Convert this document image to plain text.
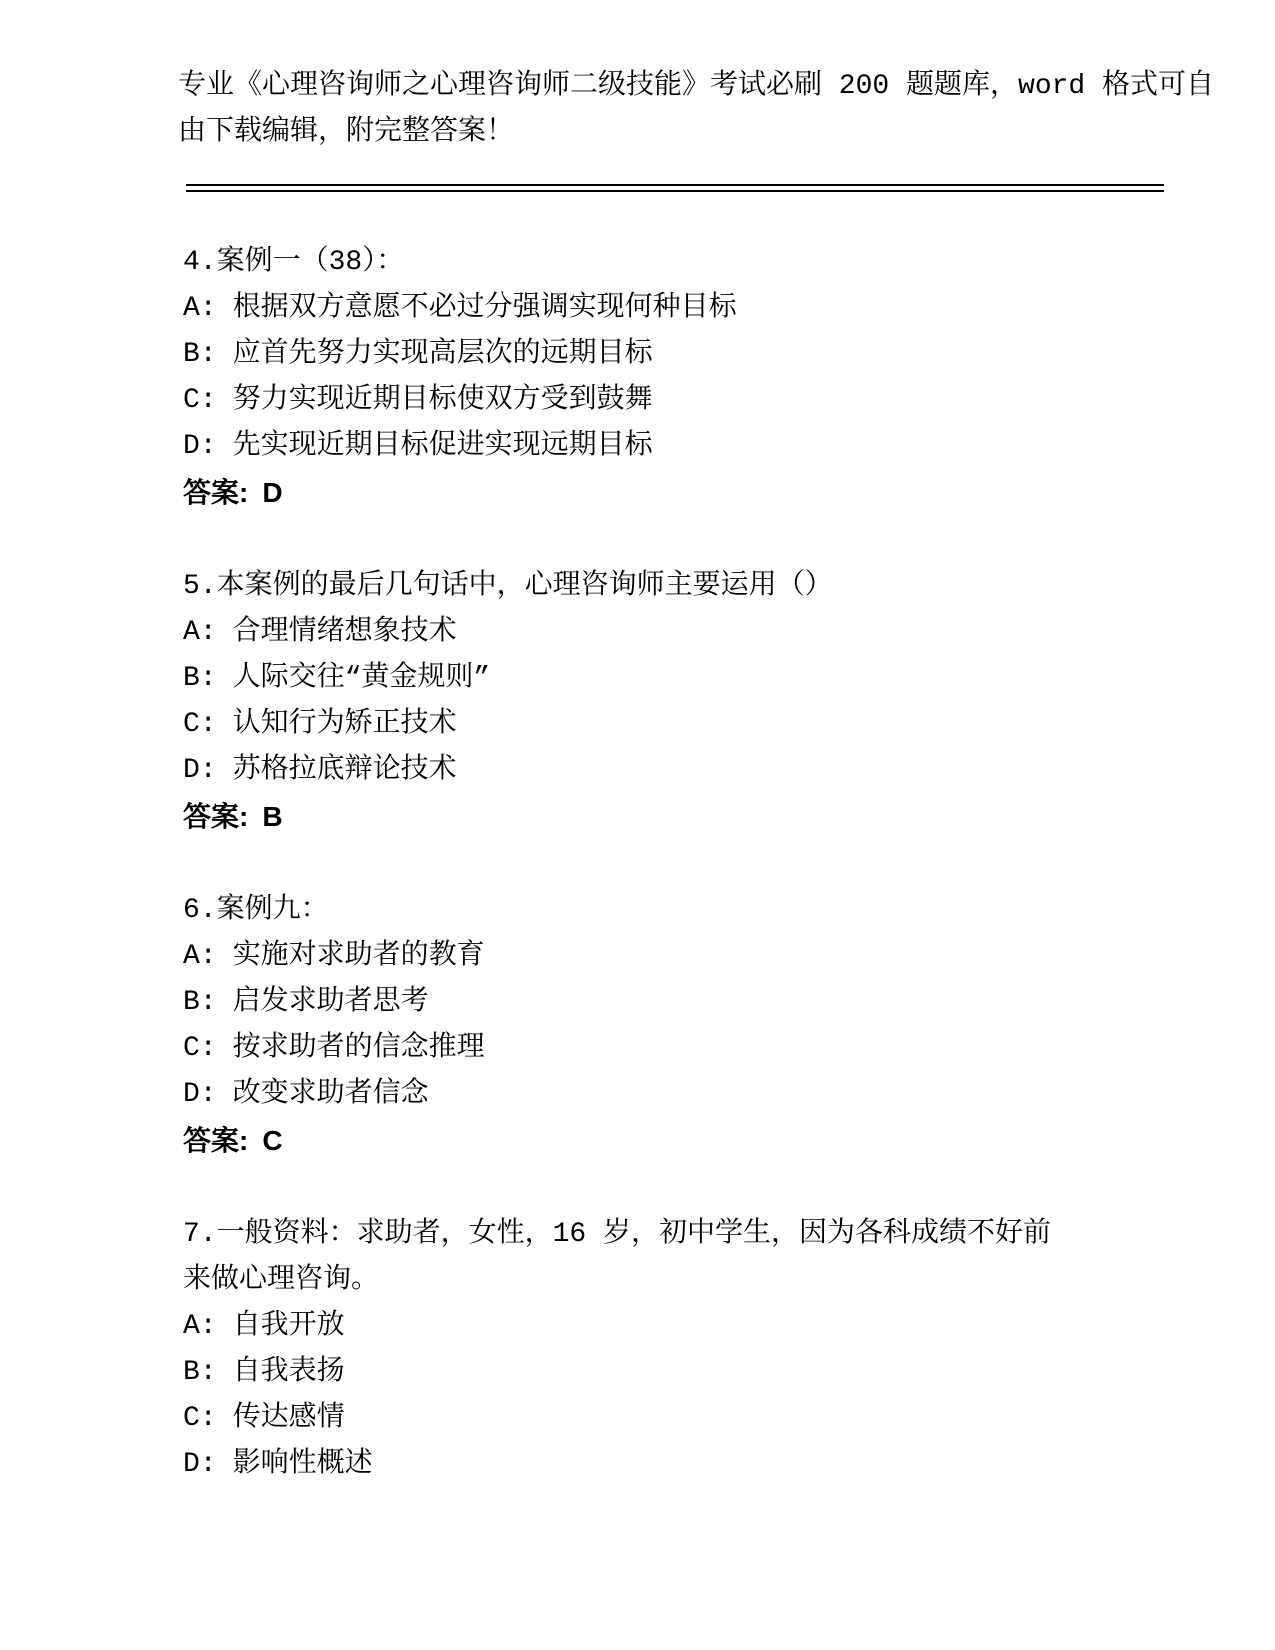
专业《心理咨询师之心理咨询师二级技能》考试必刷 200 题题库，word 格式可自
由下载编辑，附完整答案！
4.案例一（38）：
A: 根据双方意愿不必过分强调实现何种目标
B: 应首先努力实现高层次的远期目标
C: 努力实现近期目标使双方受到鼓舞
D: 先实现近期目标促进实现远期目标
答案: D
5.本案例的最后几句话中，心理咨询师主要运用（）
A: 合理情绪想象技术
B: 人际交往“黄金规则”
C: 认知行为矫正技术
D: 苏格拉底辩论技术
答案: B
6.案例九：
A: 实施对求助者的教育
B: 启发求助者思考
C: 按求助者的信念推理
D: 改变求助者信念
答案: C
7.一般资料：求助者，女性，16 岁，初中学生，因为各科成绩不好前
来做心理咨询。
A: 自我开放
B: 自我表扬
C: 传达感情
D: 影响性概述
